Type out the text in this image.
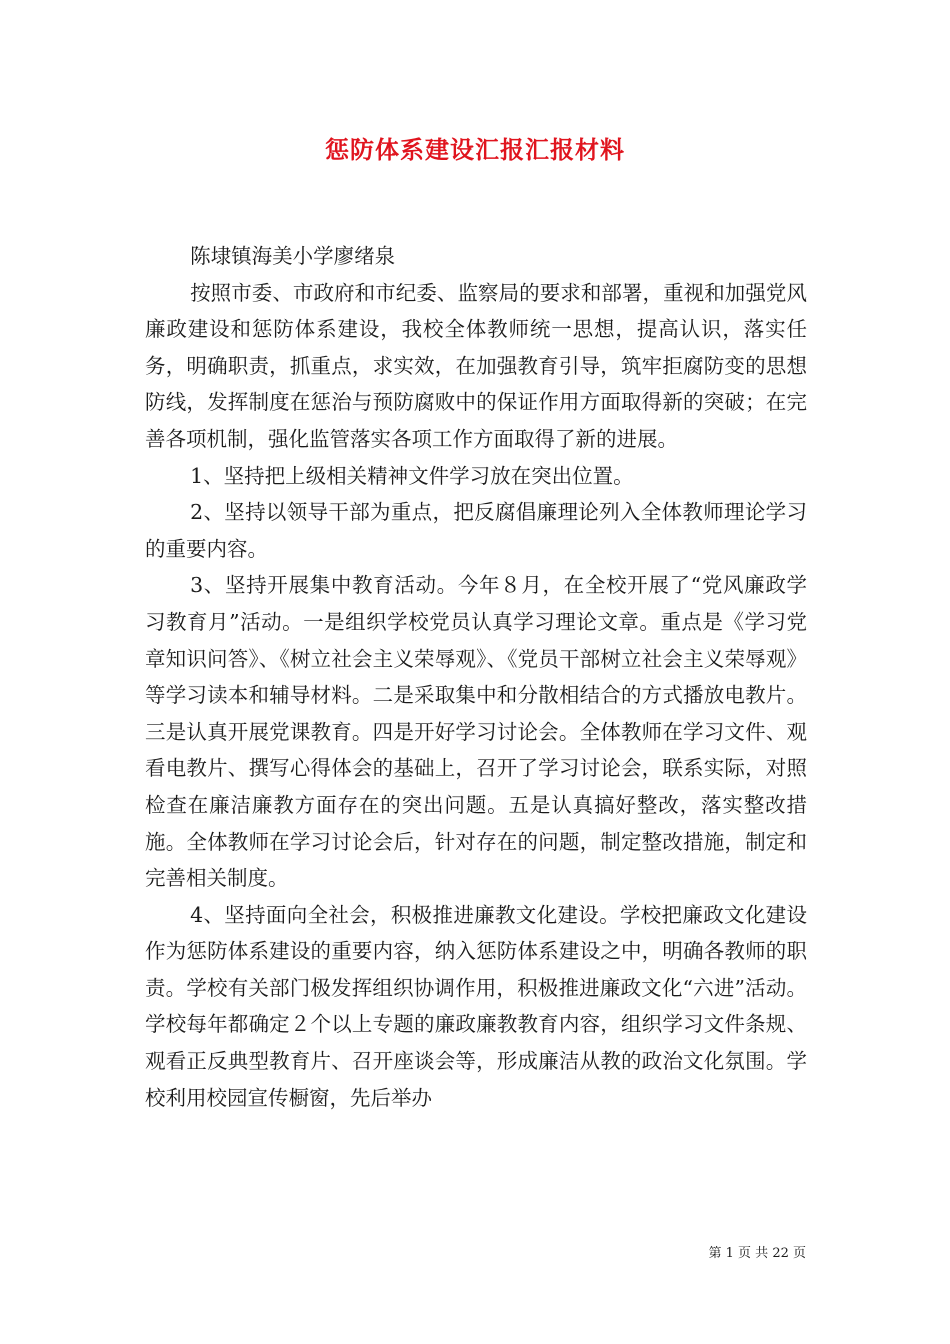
惩防体系建设汇报汇报材料

陈埭镇海美小学廖绪泉

按照市委、市政府和市纪委、监察局的要求和部署，重视和加强党风廉政建设和惩防体系建设，我校全体教师统一思想，提高认识，落实任务，明确职责，抓重点，求实效，在加强教育引导，筑牢拒腐防变的思想防线，发挥制度在惩治与预防腐败中的保证作用方面取得新的突破；在完善各项机制，强化监管落实各项工作方面取得了新的进展。

1、坚持把上级相关精神文件学习放在突出位置。

2、坚持以领导干部为重点，把反腐倡廉理论列入全体教师理论学习的重要内容。

3、坚持开展集中教育活动。今年８月，在全校开展了“党风廉政学习教育月”活动。一是组织学校党员认真学习理论文章。重点是《学习党章知识问答》、《树立社会主义荣辱观》、《党员干部树立社会主义荣辱观》等学习读本和辅导材料。二是采取集中和分散相结合的方式播放电教片。三是认真开展党课教育。四是开好学习讨论会。全体教师在学习文件、观看电教片、撰写心得体会的基础上，召开了学习讨论会，联系实际，对照检查在廉洁廉教方面存在的突出问题。五是认真搞好整改，落实整改措施。全体教师在学习讨论会后，针对存在的问题，制定整改措施，制定和完善相关制度。

4、坚持面向全社会，积极推进廉教文化建设。学校把廉政文化建设作为惩防体系建设的重要内容，纳入惩防体系建设之中，明确各教师的职责。学校有关部门极发挥组织协调作用，积极推进廉政文化“六进”活动。学校每年都确定２个以上专题的廉政廉教教育内容，组织学习文件条规、观看正反典型教育片、召开座谈会等，形成廉洁从教的政治文化氛围。学校利用校园宣传橱窗，先后举办

第 1 页 共 22 页
